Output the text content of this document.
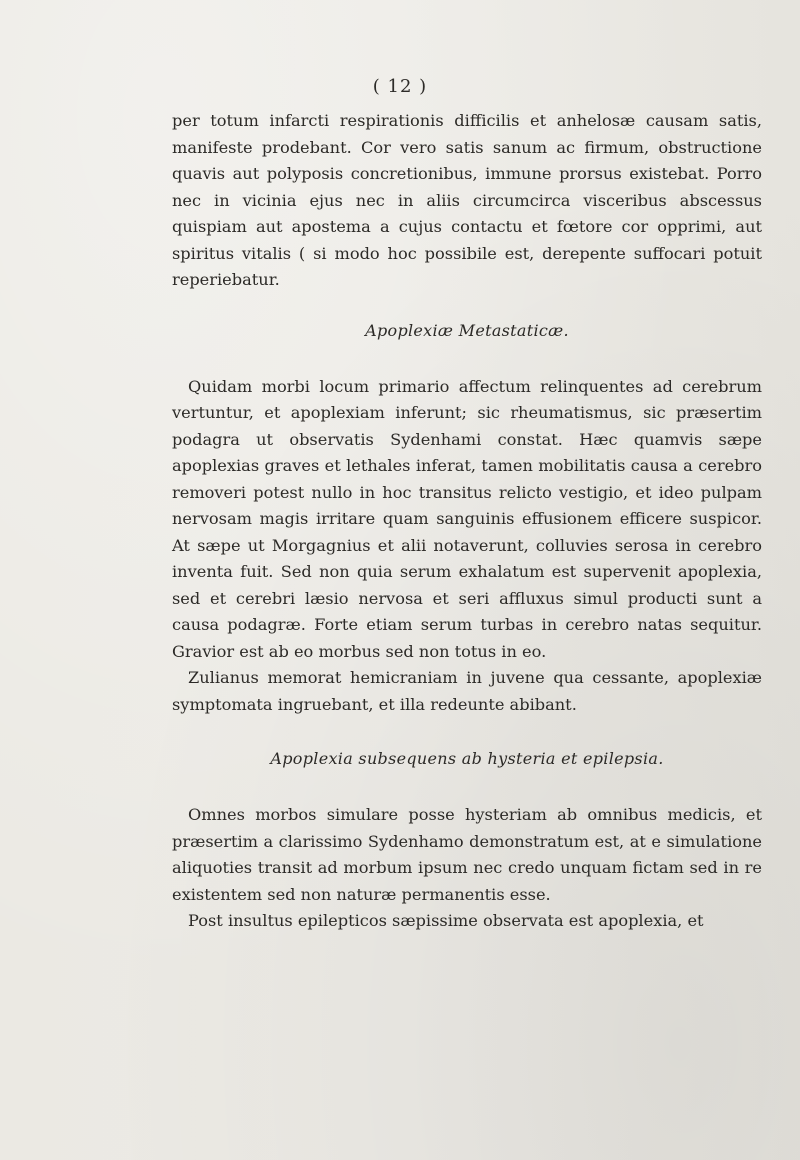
( 12 )

per totum infarcti respirationis difficilis et anhelosæ causam satis, manifeste prodebant. Cor vero satis sanum ac firmum, obstructione quavis aut polyposis concretionibus, immune prorsus existebat. Porro nec in vicinia ejus nec in aliis circumcirca visceribus abscessus quispiam aut apostema a cujus contactu et fœtore cor opprimi, aut spiritus vitalis ( si modo hoc possibile est, derepente suffocari potuit reperiebatur.

Apoplexiæ Metastaticæ.

Quidam morbi locum primario affectum relinquentes ad cerebrum vertuntur, et apoplexiam inferunt; sic rheumatismus, sic præsertim podagra ut observatis Sydenhami constat. Hæc quamvis sæpe apoplexias graves et lethales inferat, tamen mobilitatis causa a cerebro removeri potest nullo in hoc transitus relicto vestigio, et ideo pulpam nervosam magis irritare quam sanguinis effusionem efficere suspicor. At sæpe ut Morgagnius et alii notaverunt, colluvies serosa in cerebro inventa fuit. Sed non quia serum exhalatum est supervenit apoplexia, sed et cerebri læsio nervosa et seri affluxus simul producti sunt a causa podagræ. Forte etiam serum turbas in cerebro natas sequitur. Gravior est ab eo morbus sed non totus in eo.

Zulianus memorat hemicraniam in juvene qua cessante, apoplexiæ symptomata ingruebant, et illa redeunte abibant.

Apoplexia subsequens ab hysteria et epilepsia.

Omnes morbos simulare posse hysteriam ab omnibus medicis, et præsertim a clarissimo Sydenhamo demonstratum est, at e simulatione aliquoties transit ad morbum ipsum nec credo unquam fictam sed in re existentem sed non naturæ permanentis esse.

Post insultus epilepticos sæpissime observata est apoplexia, et
